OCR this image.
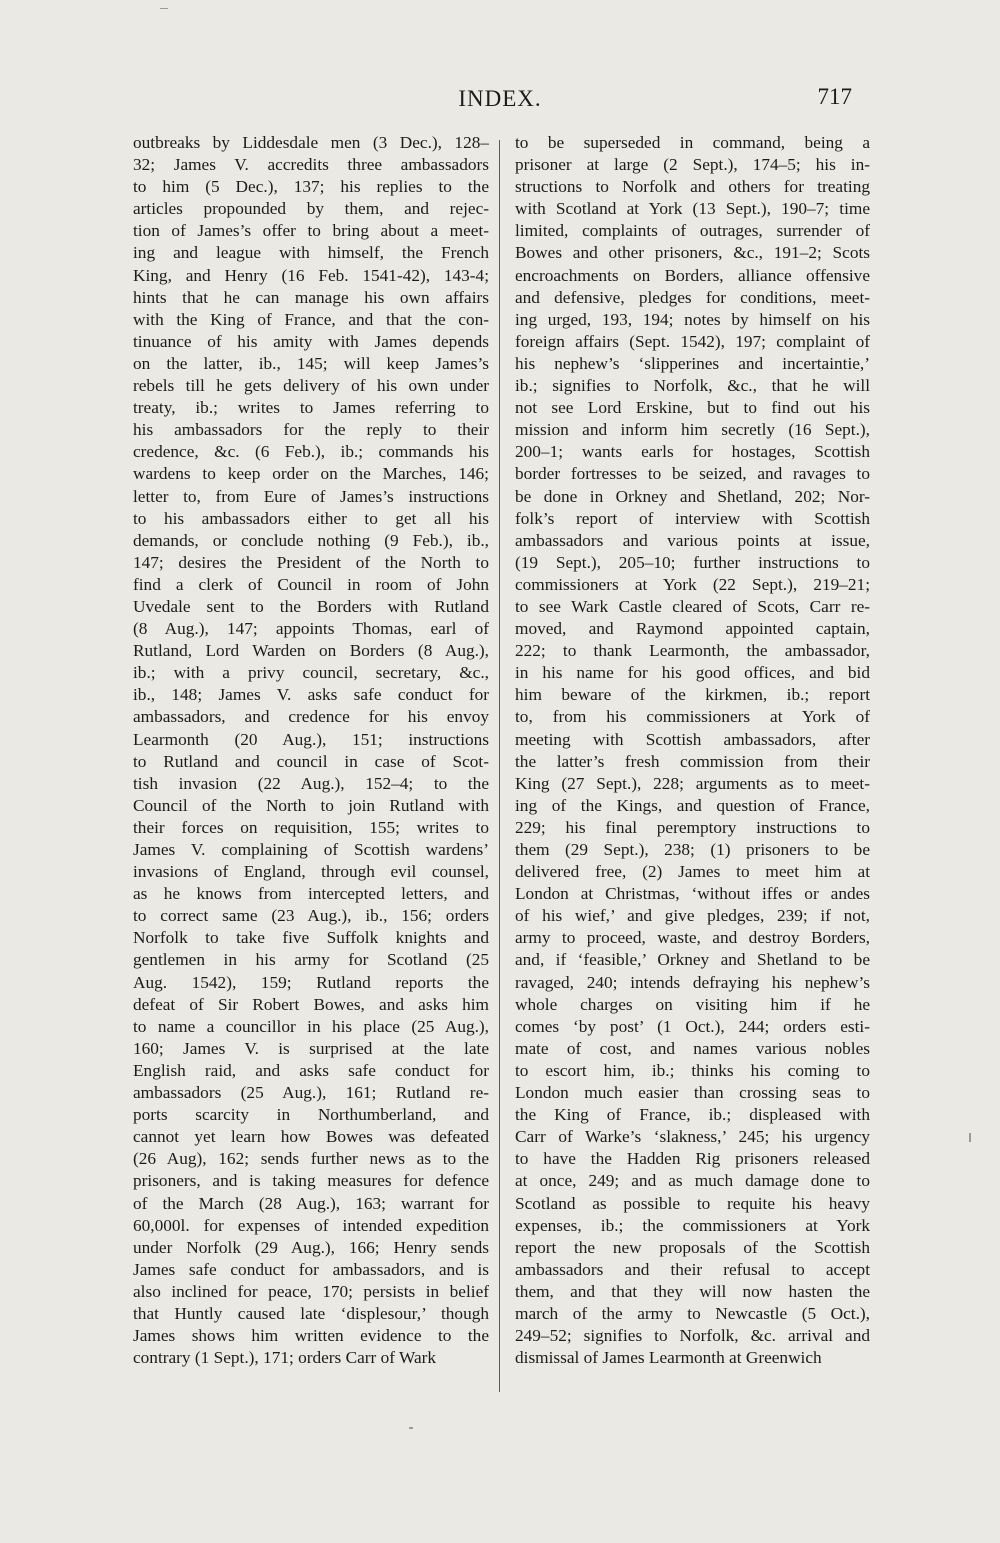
INDEX.	717
outbreaks by Liddesdale men (3 Dec.), 128–
32; James V. accredits three ambassadors
to him (5 Dec.), 137; his replies to the
articles propounded by them, and rejec-
tion of James’s offer to bring about a meet-
ing and league with himself, the French
King, and Henry (16 Feb. 1541-42), 143-4;
hints that he can manage his own affairs
with the King of France, and that the con-
tinuance of his amity with James depends
on the latter, ib., 145; will keep James’s
rebels till he gets delivery of his own under
treaty, ib.; writes to James referring to
his ambassadors for the reply to their
credence, &c. (6 Feb.), ib.; commands his
wardens to keep order on the Marches, 146;
letter to, from Eure of James’s instructions
to his ambassadors either to get all his
demands, or conclude nothing (9 Feb.), ib.,
147; desires the President of the North to
find a clerk of Council in room of John
Uvedale sent to the Borders with Rutland
(8 Aug.), 147; appoints Thomas, earl of
Rutland, Lord Warden on Borders (8 Aug.),
ib.; with a privy council, secretary, &c.,
ib., 148; James V. asks safe conduct for
ambassadors, and credence for his envoy
Learmonth (20 Aug.), 151; instructions
to Rutland and council in case of Scot-
tish invasion (22 Aug.), 152–4; to the
Council of the North to join Rutland with
their forces on requisition, 155; writes to
James V. complaining of Scottish wardens’
invasions of England, through evil counsel,
as he knows from intercepted letters, and
to correct same (23 Aug.), ib., 156; orders
Norfolk to take five Suffolk knights and
gentlemen in his army for Scotland (25
Aug. 1542), 159; Rutland reports the
defeat of Sir Robert Bowes, and asks him
to name a councillor in his place (25 Aug.),
160; James V. is surprised at the late
English raid, and asks safe conduct for
ambassadors (25 Aug.), 161; Rutland re-
ports scarcity in Northumberland, and
cannot yet learn how Bowes was defeated
(26 Aug), 162; sends further news as to the
prisoners, and is taking measures for defence
of the March (28 Aug.), 163; warrant for
60,000l. for expenses of intended expedition
under Norfolk (29 Aug.), 166; Henry sends
James safe conduct for ambassadors, and is
also inclined for peace, 170; persists in belief
that Huntly caused late ‘displesour,’ though
James shows him written evidence to the
contrary (1 Sept.), 171; orders Carr of Wark
to be superseded in command, being a
prisoner at large (2 Sept.), 174–5; his in-
structions to Norfolk and others for treating
with Scotland at York (13 Sept.), 190–7; time
limited, complaints of outrages, surrender of
Bowes and other prisoners, &c., 191–2; Scots
encroachments on Borders, alliance offensive
and defensive, pledges for conditions, meet-
ing urged, 193, 194; notes by himself on his
foreign affairs (Sept. 1542), 197; complaint of
his nephew’s ‘slipperines and incertaintie,’
ib.; signifies to Norfolk, &c., that he will
not see Lord Erskine, but to find out his
mission and inform him secretly (16 Sept.),
200–1; wants earls for hostages, Scottish
border fortresses to be seized, and ravages to
be done in Orkney and Shetland, 202; Nor-
folk’s report of interview with Scottish
ambassadors and various points at issue,
(19 Sept.), 205–10; further instructions to
commissioners at York (22 Sept.), 219–21;
to see Wark Castle cleared of Scots, Carr re-
moved, and Raymond appointed captain,
222; to thank Learmonth, the ambassador,
in his name for his good offices, and bid
him beware of the kirkmen, ib.; report
to, from his commissioners at York of
meeting with Scottish ambassadors, after
the latter’s fresh commission from their
King (27 Sept.), 228; arguments as to meet-
ing of the Kings, and question of France,
229; his final peremptory instructions to
them (29 Sept.), 238; (1) prisoners to be
delivered free, (2) James to meet him at
London at Christmas, ‘without iffes or andes
of his wief,’ and give pledges, 239; if not,
army to proceed, waste, and destroy Borders,
and, if ‘feasible,’ Orkney and Shetland to be
ravaged, 240; intends defraying his nephew’s
whole charges on visiting him if he
comes ‘by post’ (1 Oct.), 244; orders esti-
mate of cost, and names various nobles
to escort him, ib.; thinks his coming to
London much easier than crossing seas to
the King of France, ib.; displeased with
Carr of Warke’s ‘slakness,’ 245; his urgency
to have the Hadden Rig prisoners released
at once, 249; and as much damage done to
Scotland as possible to requite his heavy
expenses, ib.; the commissioners at York
report the new proposals of the Scottish
ambassadors and their refusal to accept
them, and that they will now hasten the
march of the army to Newcastle (5 Oct.),
249–52; signifies to Norfolk, &c. arrival and
dismissal of James Learmonth at Greenwich
